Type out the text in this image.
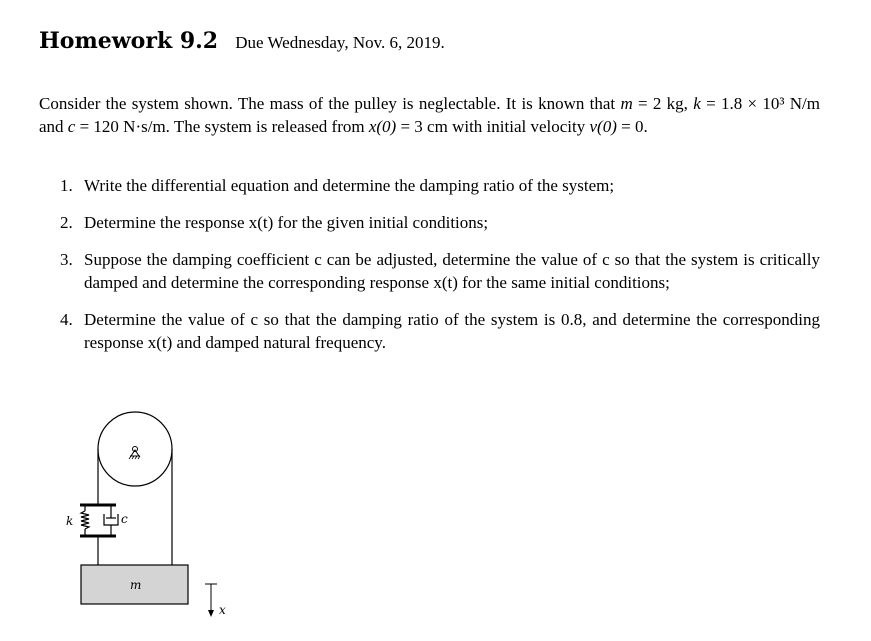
Homework 9.2 Due Wednesday, Nov. 6, 2019.
Consider the system shown. The mass of the pulley is neglectable. It is known that m = 2 kg, k = 1.8 × 10³ N/m and c = 120 N·s/m. The system is released from x(0) = 3 cm with initial velocity v(0) = 0.
1. Write the differential equation and determine the damping ratio of the system;
2. Determine the response x(t) for the given initial conditions;
3. Suppose the damping coefficient c can be adjusted, determine the value of c so that the system is critically damped and determine the corresponding response x(t) for the same initial conditions;
4. Determine the value of c so that the damping ratio of the system is 0.8, and determine the corresponding response x(t) and damped natural frequency.
k	c
m
x
